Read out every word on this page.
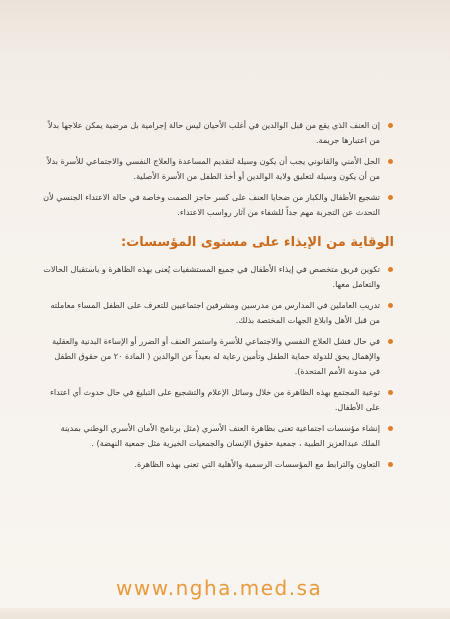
إن العنف الذي يقع من قبل الوالدين في أغلب الأحيان ليس حالة إجرامية بل مرضية يمكن علاجها بدلاً من اعتبارها جريمة.
الحل الأمني والقانوني يجب أن يكون وسيلة لتقديم المساعدة والعلاج النفسي والاجتماعي للأسرة بدلاً من أن يكون وسيلة لتعليق ولاية الوالدين أو أخذ الطفل من الأسرة الأصلية.
تشجيع الأطفال والكبار من ضحايا العنف على كسر حاجز الصمت وخاصة في حالة الاعتداء الجنسي لأن التحدث عن التجربة مهم جداً للشفاء من آثار رواسب الاعتداء.
الوقاية من الإيذاء على مستوى المؤسسات:
تكوين فريق متخصص في إيذاء الأطفال في جميع المستشفيات يُعنى بهذه الظاهرة و باستقبال الحالات والتعامل معها.
تدريب العاملين في المدارس من مدرسين ومشرفين اجتماعيين للتعرف على الطفل المساء معاملته من قبل الأهل وابلاغ الجهات المختصة بذلك.
في حال فشل العلاج النفسي والاجتماعي للأسرة واستمر العنف أو الضرر أو الإساءة البدنية والعقلية والإهمال يحق للدولة حماية الطفل وتأمين رعاية له بعيداً عن الوالدين ( المادة ٢٠ من حقوق الطفل في مدونة الأمم المتحدة).
توعية المجتمع بهذه الظاهرة من خلال وسائل الإعلام والتشجيع على التبليغ في حال حدوث أي اعتداء على الأطفال.
إنشاء مؤسسات اجتماعية تعنى بظاهرة العنف الأسري (مثل برنامج الأمان الأسري الوطني بمدينة الملك عبدالعزيز الطبية ، جمعية حقوق الإنسان والجمعيات الخيرية مثل جمعية النهضة) .
التعاون والترابط مع المؤسسات الرسمية والأهلية التي تعنى بهذه الظاهرة.
www.ngha.med.sa
